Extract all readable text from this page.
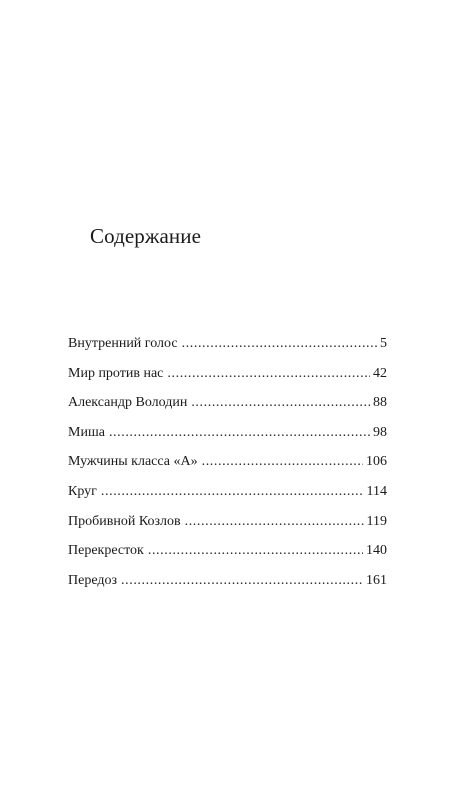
Содержание
Внутренний голос .....	5
Мир против нас .....	42
Александр Володин .....	88
Миша .....	98
Мужчины класса «А» .....	106
Круг .....	114
Пробивной Козлов .....	119
Перекресток .....	140
Передоз .....	161
